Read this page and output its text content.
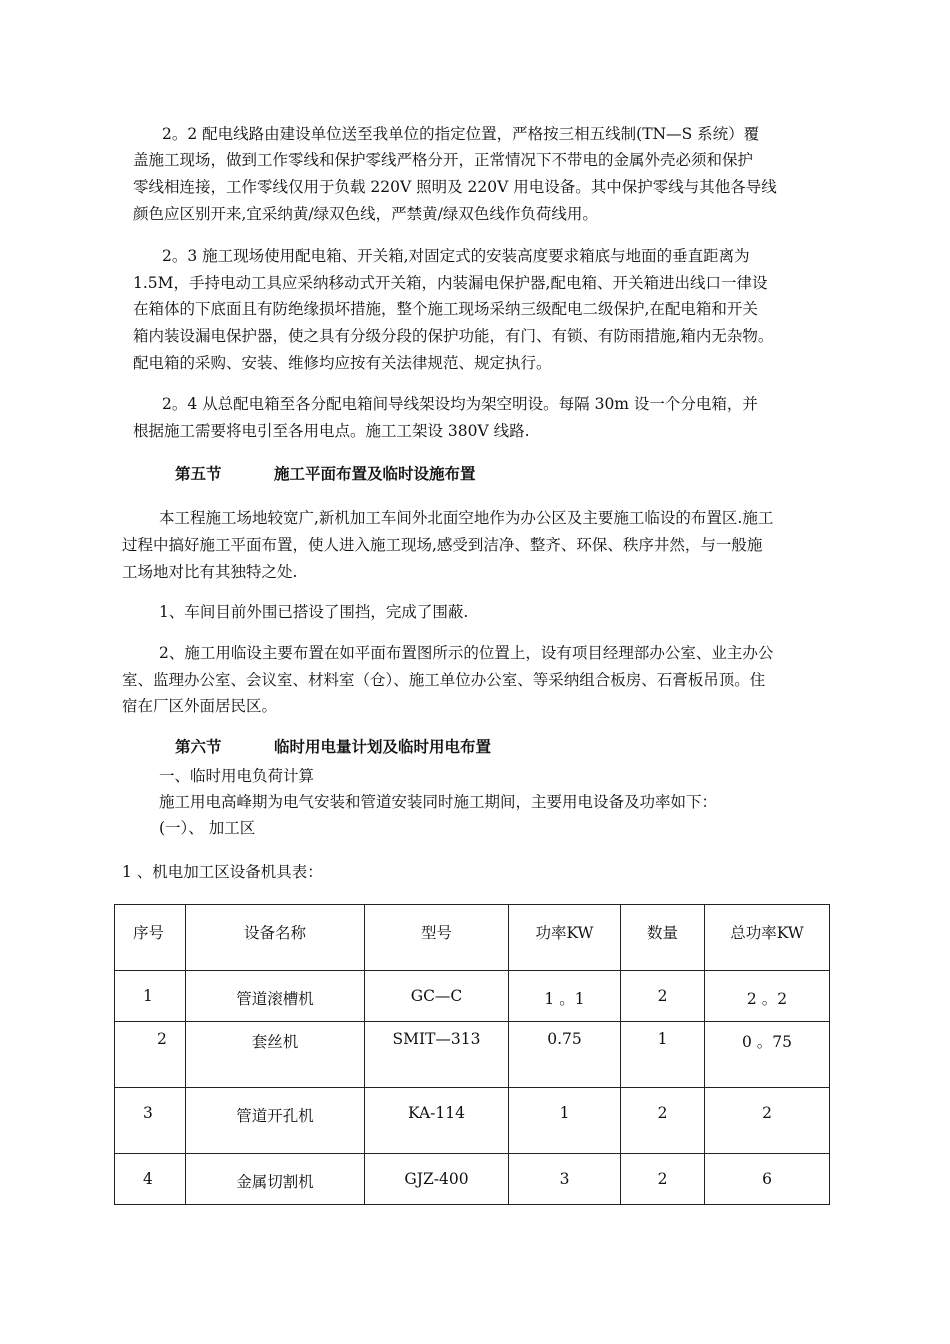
2。2 配电线路由建设单位送至我单位的指定位置，严格按三相五线制(TN—S 系统）覆
盖施工现场，做到工作零线和保护零线严格分开，正常情况下不带电的金属外壳必须和保护
零线相连接，工作零线仅用于负载 220V 照明及 220V 用电设备。其中保护零线与其他各导线
颜色应区别开来,宜采纳黄/绿双色线，严禁黄/绿双色线作负荷线用。
2。3 施工现场使用配电箱、开关箱,对固定式的安装高度要求箱底与地面的垂直距离为
1.5M，手持电动工具应采纳移动式开关箱，内装漏电保护器,配电箱、开关箱进出线口一律设
在箱体的下底面且有防绝缘损坏措施，整个施工现场采纳三级配电二级保护,在配电箱和开关
箱内装设漏电保护器，使之具有分级分段的保护功能，有门、有锁、有防雨措施,箱内无杂物。
配电箱的采购、安装、维修均应按有关法律规范、规定执行。
2。4 从总配电箱至各分配电箱间导线架设均为架空明设。每隔 30m 设一个分电箱，并
根据施工需要将电引至各用电点。施工工架设 380V 线路.
第五节	施工平面布置及临时设施布置
本工程施工场地较宽广,新机加工车间外北面空地作为办公区及主要施工临设的布置区.施工
过程中搞好施工平面布置，使人进入施工现场,感受到洁净、整齐、环保、秩序井然，与一般施
工场地对比有其独特之处.
1、车间目前外围已搭设了围挡，完成了围蔽.
2、施工用临设主要布置在如平面布置图所示的位置上，设有项目经理部办公室、业主办公
室、监理办公室、会议室、材料室（仓）、施工单位办公室、等采纳组合板房、石膏板吊顶。住
宿在厂区外面居民区。
第六节	临时用电量计划及临时用电布置
一、临时用电负荷计算
施工用电高峰期为电气安装和管道安装同时施工期间，主要用电设备及功率如下：
(一）、 加工区
1 、机电加工区设备机具表：
序号	设备名称	型号	功率KW	数量	总功率KW

1	管道滚槽机	GC—C	1 。1	2	2 。2

2	套丝机	SMIT—313	0.75	1	0 。75

3	管道开孔机	KA-114	1	2	2

4	金属切割机	GJZ-400	3	2	6
